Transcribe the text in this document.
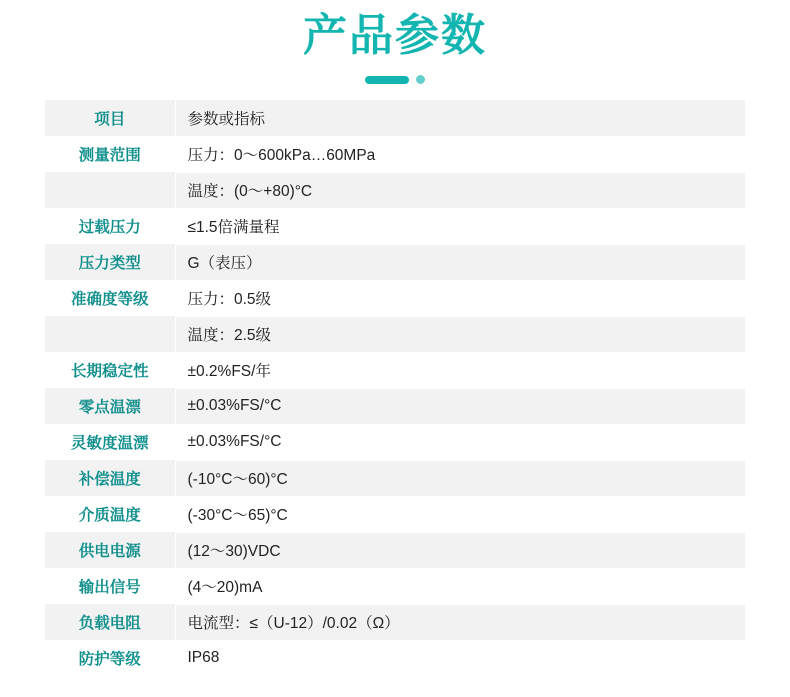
产品参数
项目	参数或指标
测量范围	压力：0～600kPa…60MPa
	温度：(0～+80)°C
过载压力	≤1.5倍满量程
压力类型	G（表压）
准确度等级	压力：0.5级
	温度：2.5级
长期稳定性	±0.2%FS/年
零点温漂	±0.03%FS/°C
灵敏度温漂	±0.03%FS/°C
补偿温度	(-10°C～60)°C
介质温度	(-30°C～65)°C
供电电源	(12～30)VDC
输出信号	(4～20)mA
负载电阻	电流型：≤（U-12）/0.02（Ω）
防护等级	IP68
